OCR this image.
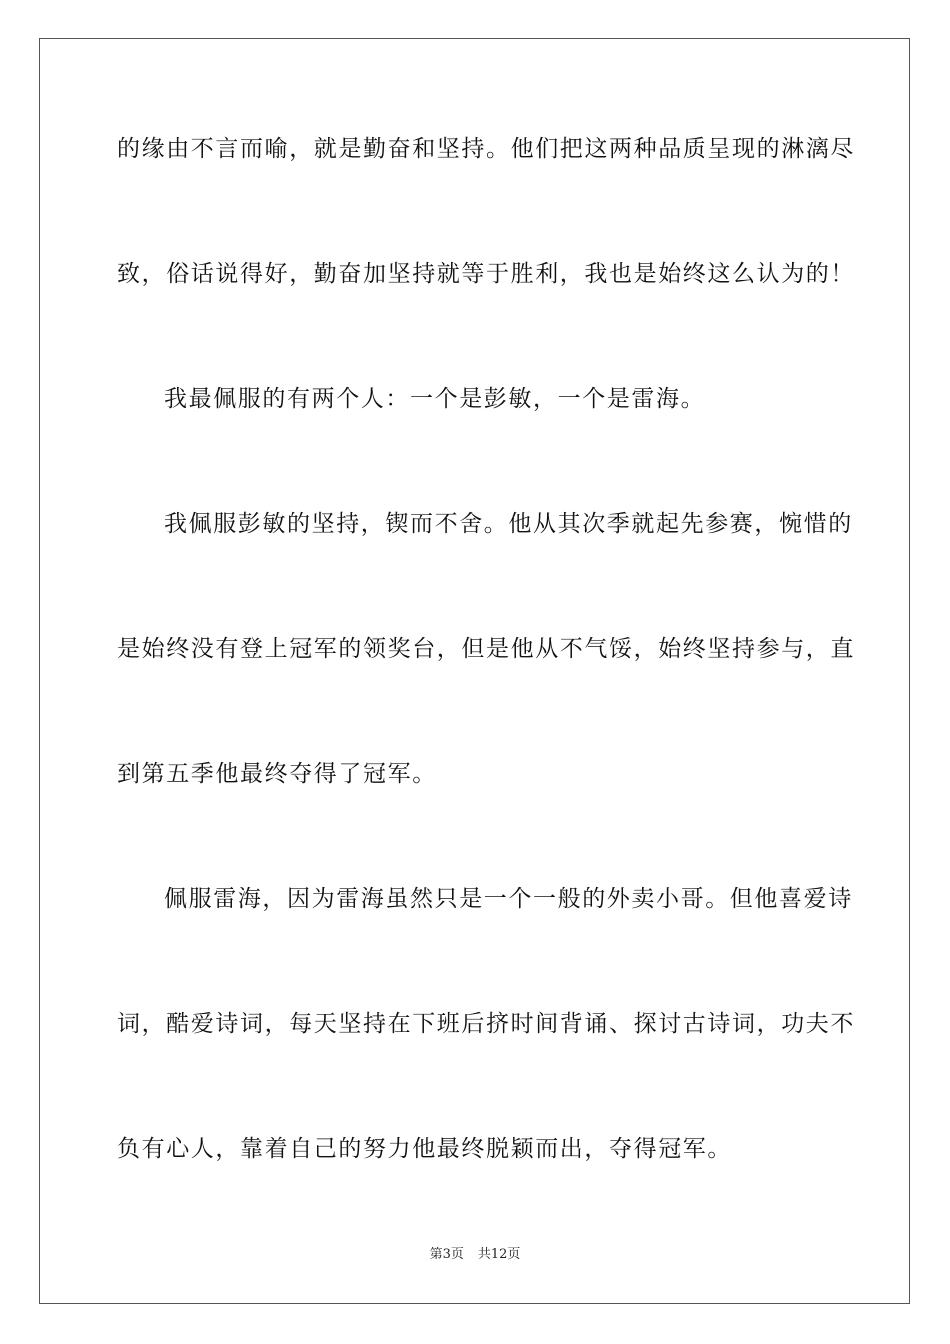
的缘由不言而喻，就是勤奋和坚持。他们把这两种品质呈现的淋漓尽
致，俗话说得好，勤奋加坚持就等于胜利，我也是始终这么认为的！
我最佩服的有两个人：一个是彭敏，一个是雷海。
我佩服彭敏的坚持，锲而不舍。他从其次季就起先参赛，惋惜的
是始终没有登上冠军的领奖台，但是他从不气馁，始终坚持参与，直
到第五季他最终夺得了冠军。
佩服雷海，因为雷海虽然只是一个一般的外卖小哥。但他喜爱诗
词，酷爱诗词，每天坚持在下班后挤时间背诵、探讨古诗词，功夫不
负有心人，靠着自己的努力他最终脱颖而出，夺得冠军。
第3页 共12页
